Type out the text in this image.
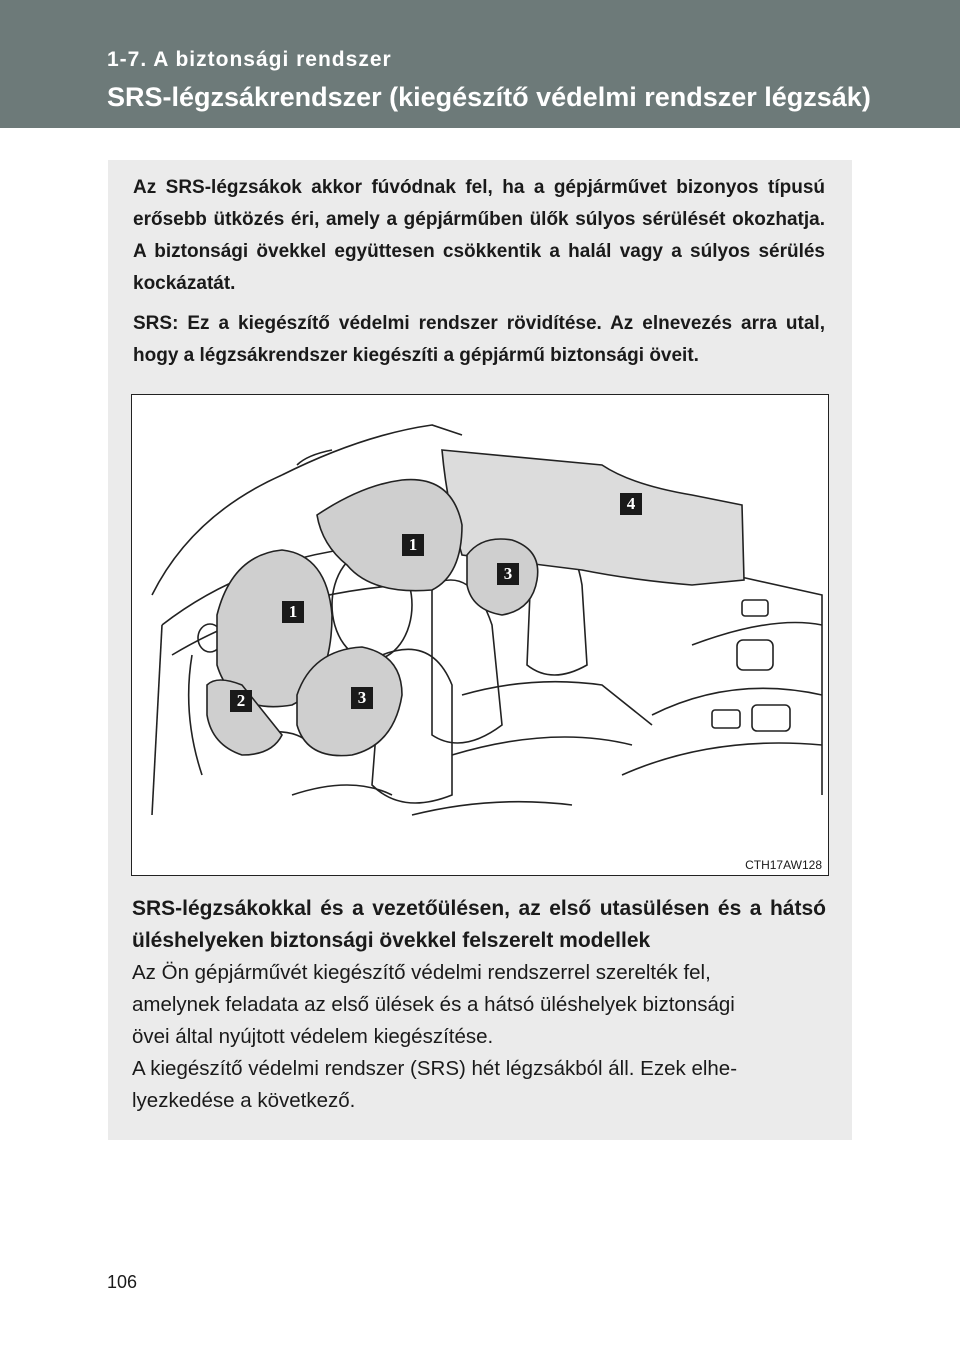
1-7. A biztonsági rendszer
SRS-légzsákrendszer (kiegészítő védelmi rendszer légzsák)

Az SRS-légzsákok akkor fúvódnak fel, ha a gépjárművet bizonyos típusú erősebb ütközés éri, amely a gépjárműben ülők súlyos sérülését okozhatja. A biztonsági övekkel együttesen csökkentik a halál vagy a súlyos sérülés kockázatát.

SRS: Ez a kiegészítő védelmi rendszer rövidítése. Az elnevezés arra utal, hogy a légzsákrendszer kiegészíti a gépjármű biztonsági öveit.

1
1
2
3
3
4
CTH17AW128

SRS-légzsákokkal és a vezetőülésen, az első utasülésen és a hátsó üléshelyeken biztonsági övekkel felszerelt modellek

Az Ön gépjárművét kiegészítő védelmi rendszerrel szerelték fel,
amelynek feladata az első ülések és a hátsó üléshelyek biztonsági
övei által nyújtott védelem kiegészítése.
A kiegészítő védelmi rendszer (SRS) hét légzsákból áll. Ezek elhe-
lyezkedése a következő.

106
